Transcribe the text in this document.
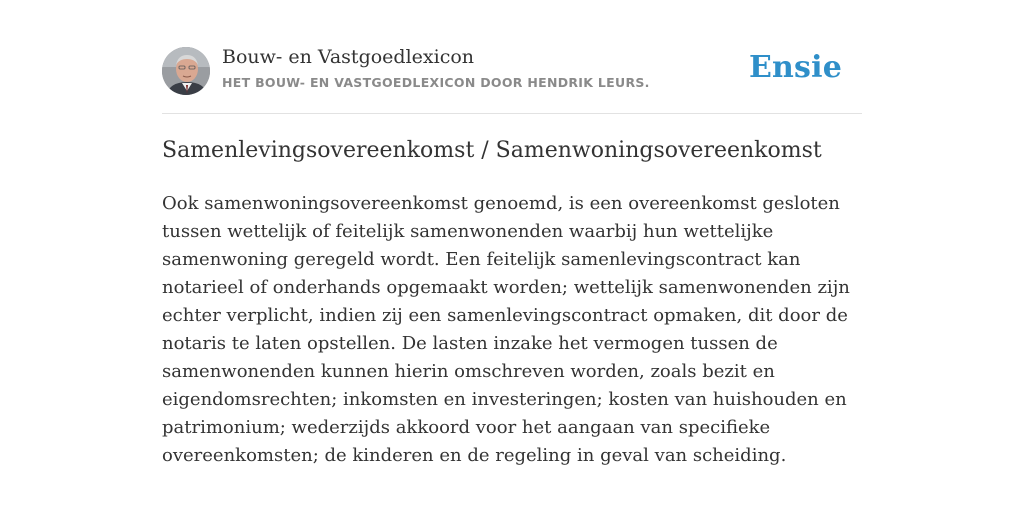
Bouw- en Vastgoedlexicon
HET BOUW- EN VASTGOEDLEXICON DOOR HENDRIK LEURS.	Ensie
Samenlevingsovereenkomst / Samenwoningsovereenkomst
Ook samenwoningsovereenkomst genoemd, is een overeenkomst gesloten tussen wettelijk of feitelijk samenwonenden waarbij hun wettelijke samenwoning geregeld wordt. Een feitelijk samenlevingscontract kan notarieel of onderhands opgemaakt worden; wettelijk samenwonenden zijn echter verplicht, indien zij een samenlevingscontract opmaken, dit door de notaris te laten opstellen. De lasten inzake het vermogen tussen de samenwonenden kunnen hierin omschreven worden, zoals bezit en eigendomsrechten; inkomsten en investeringen; kosten van huishouden en patrimonium; wederzijds akkoord voor het aangaan van specifieke overeenkomsten; de kinderen en de regeling in geval van scheiding.
